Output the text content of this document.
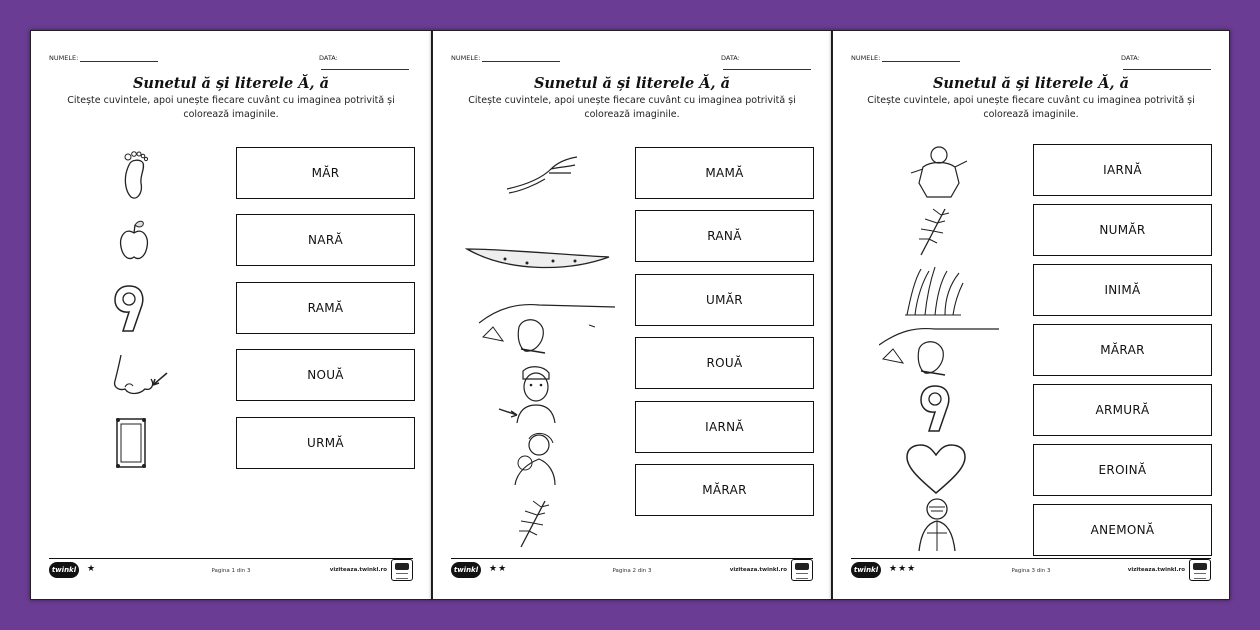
NUMELE:	DATA:
Sunetul ă și literele Ă, ă
Citește cuvintele, apoi unește fiecare cuvânt cu imaginea potrivită și colorează imaginile.
MĂR
NARĂ
RAMĂ
NOUĂ
URMĂ
twinkl	★	Pagina 1 din 3	viziteaza.twinkl.ro
NUMELE:	DATA:
Sunetul ă și literele Ă, ă
Citește cuvintele, apoi unește fiecare cuvânt cu imaginea potrivită și colorează imaginile.
MAMĂ
RANĂ
UMĂR
ROUĂ
IARNĂ
MĂRAR
twinkl	★★	Pagina 2 din 3	viziteaza.twinkl.ro
NUMELE:	DATA:
Sunetul ă și literele Ă, ă
Citește cuvintele, apoi unește fiecare cuvânt cu imaginea potrivită și colorează imaginile.
IARNĂ
NUMĂR
INIMĂ
MĂRAR
ARMURĂ
EROINĂ
ANEMONĂ
twinkl	★★★	Pagina 3 din 3	viziteaza.twinkl.ro
